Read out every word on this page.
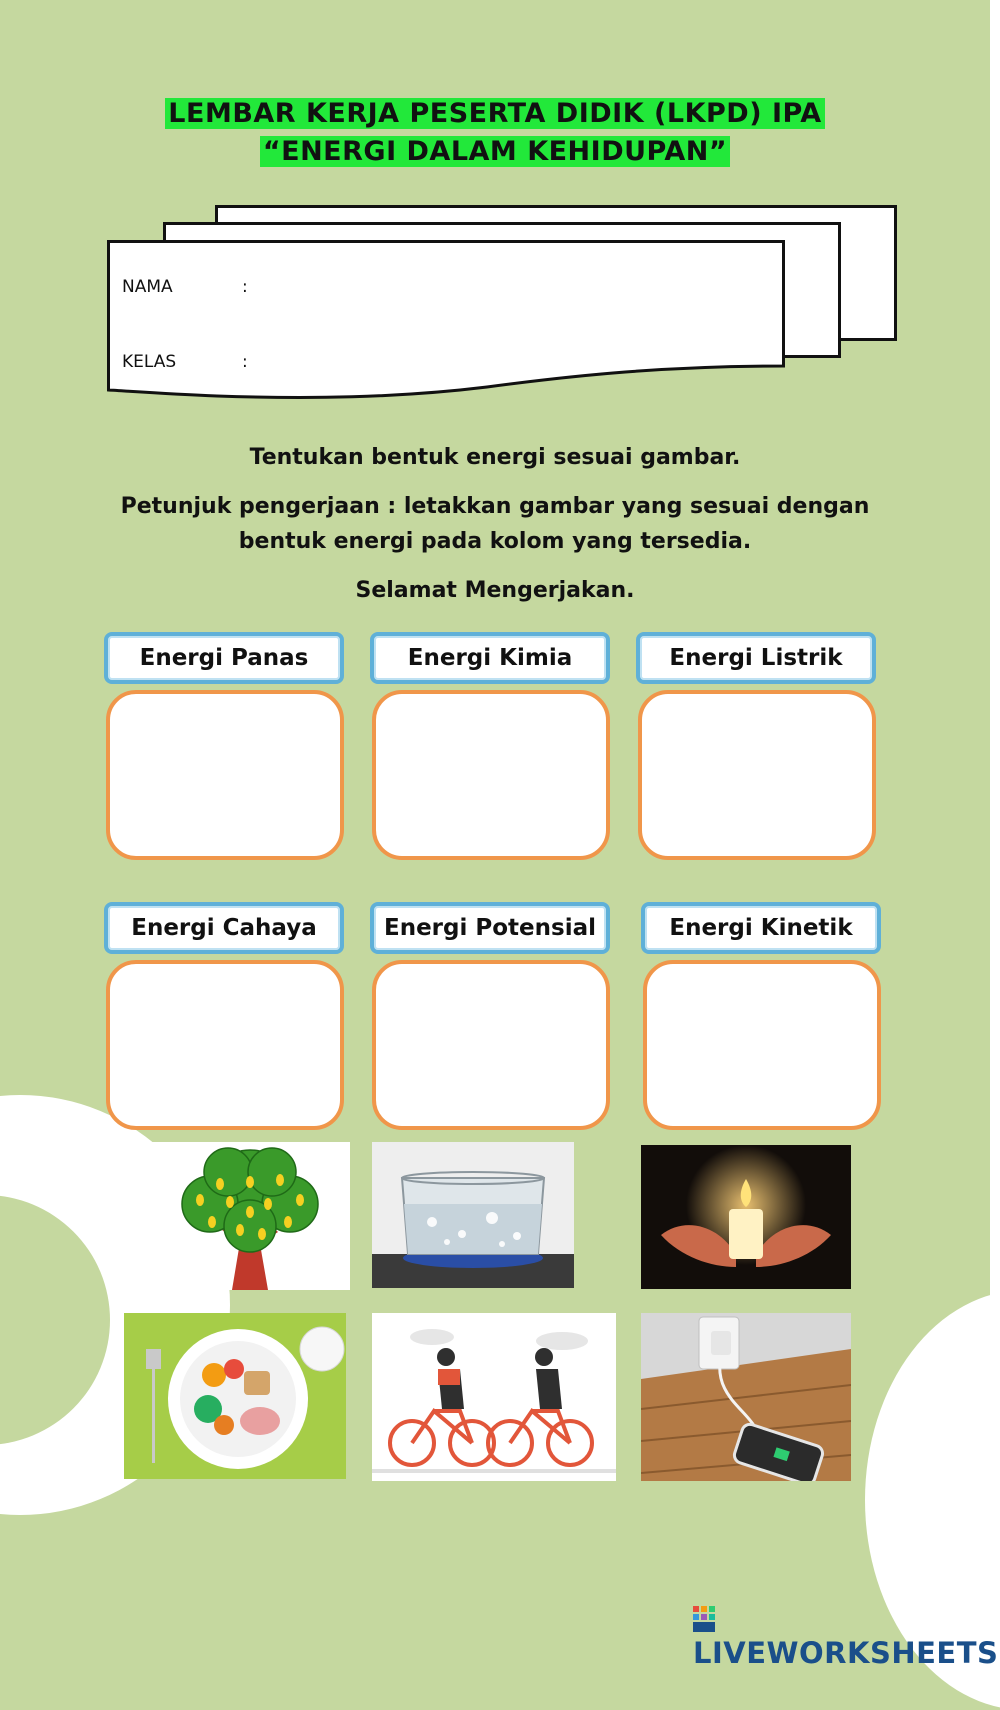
LEMBAR KERJA PESERTA DIDIK (LKPD) IPA
“ENERGI DALAM KEHIDUPAN”
NAMA	:
KELAS	:
Tentukan bentuk energi sesuai gambar.
Petunjuk pengerjaan : letakkan gambar yang sesuai dengan
bentuk energi pada kolom yang tersedia.
Selamat Mengerjakan.
Energi Panas	Energi Kimia	Energi Listrik
Energi Cahaya	Energi Potensial	Energi Kinetik
LIVEWORKSHEETS
